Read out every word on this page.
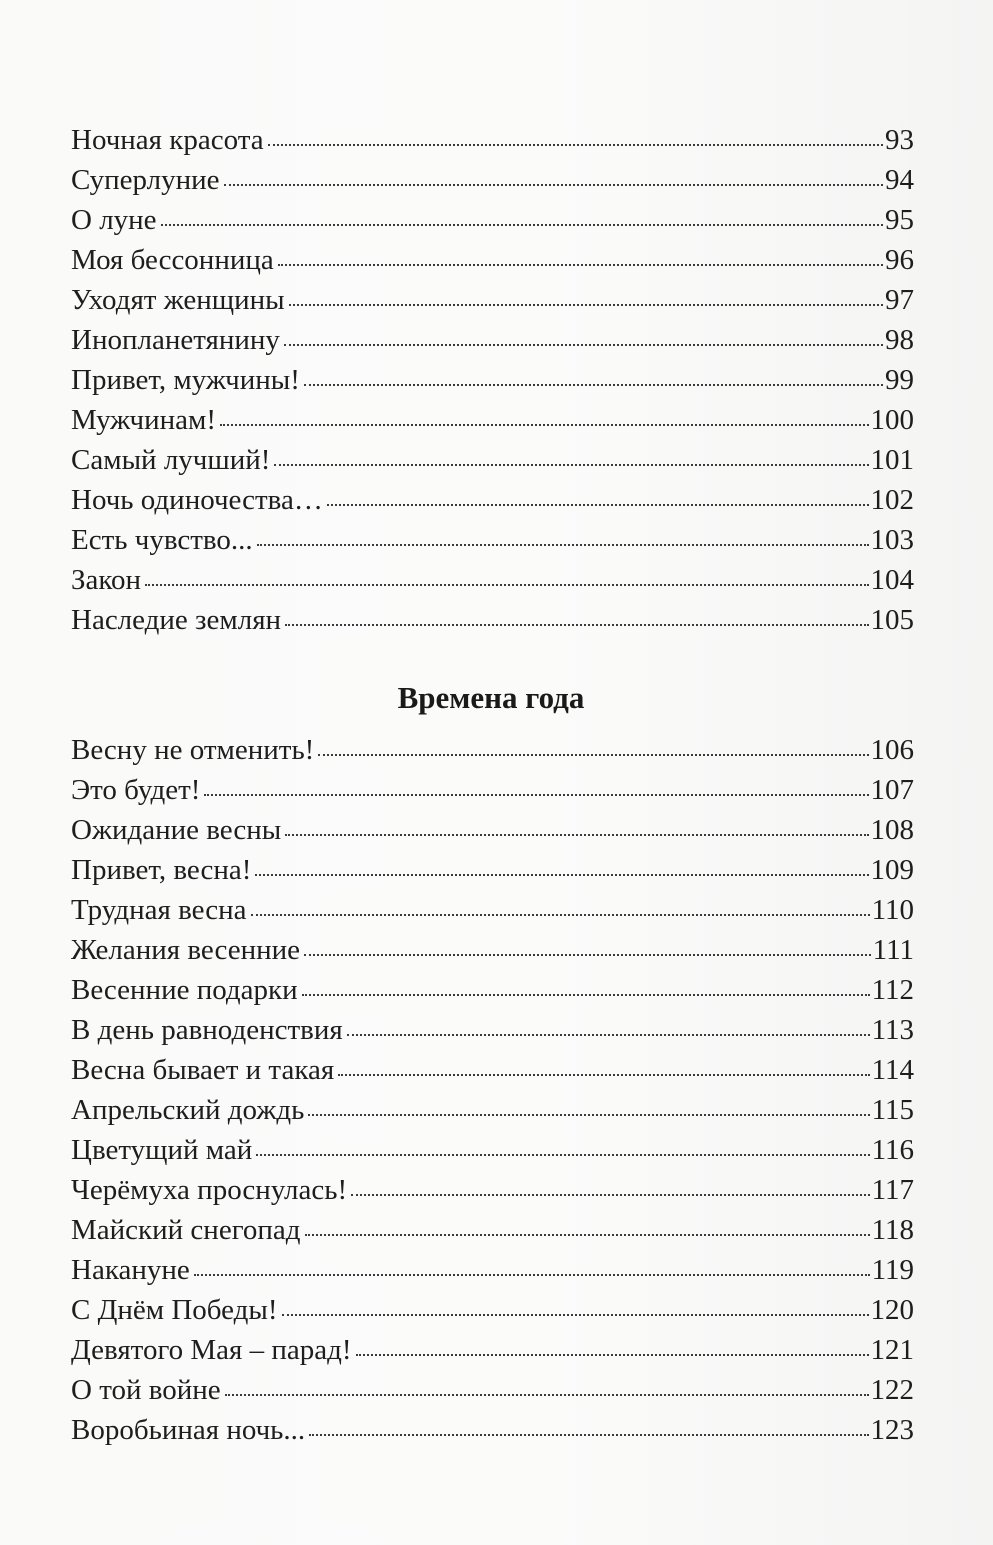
Ночная красота	93
Суперлуние	94
О луне	95
Моя бессонница	96
Уходят женщины	97
Инопланетянину	98
Привет, мужчины!	99
Мужчинам!	100
Самый лучший!	101
Ночь одиночества…	102
Есть чувство...	103
Закон	104
Наследие землян	105
Времена года
Весну не отменить!	106
Это будет!	107
Ожидание весны	108
Привет, весна!	109
Трудная весна	110
Желания весенние	111
Весенние подарки	112
В день равноденствия	113
Весна бывает и такая	114
Апрельский дождь	115
Цветущий май	116
Черёмуха проснулась!	117
Майский снегопад	118
Накануне	119
С Днём Победы!	120
Девятого Мая – парад!	121
О той войне	122
Воробьиная ночь...	123
